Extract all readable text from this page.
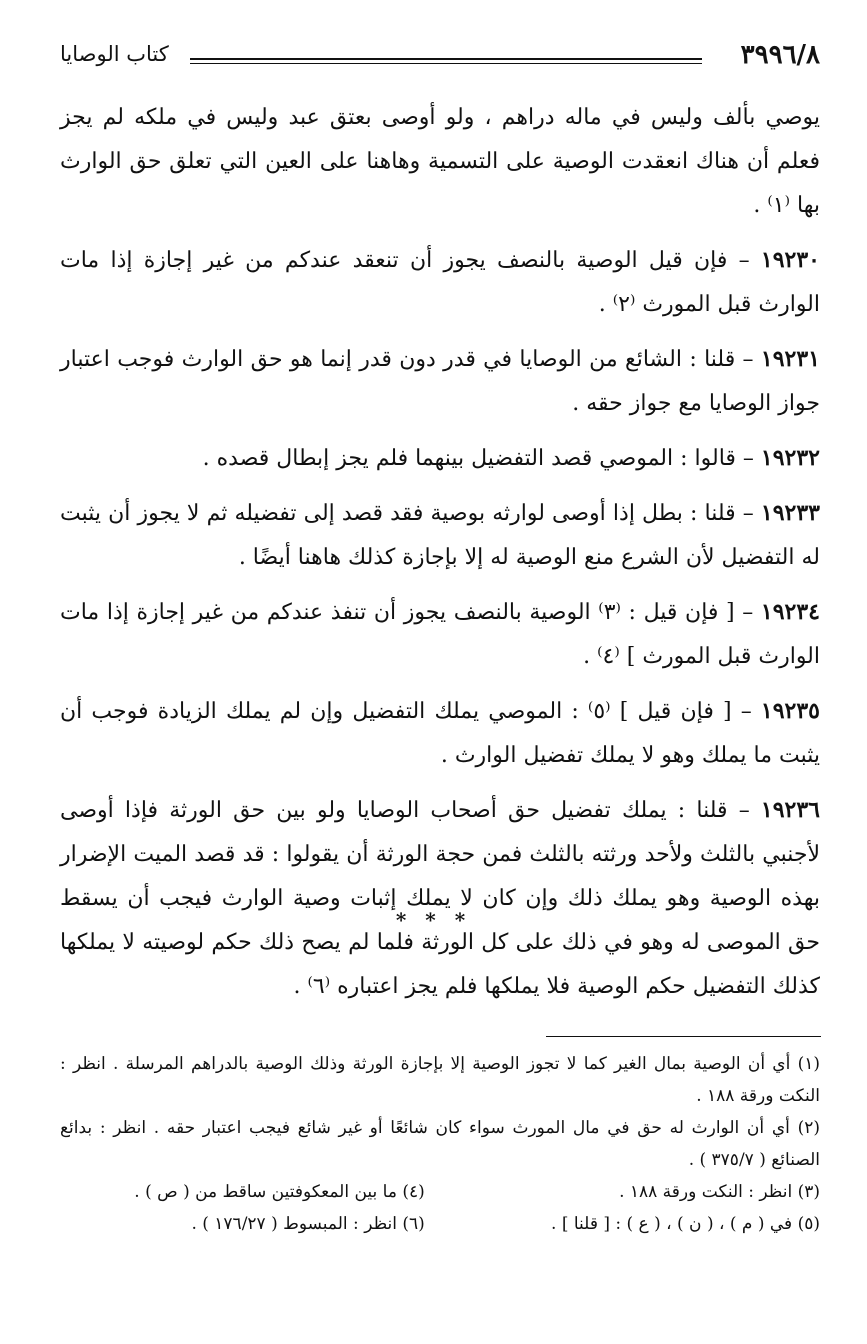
٣٩٩٦/٨
كتاب الوصايا

يوصي بألف وليس في ماله دراهم ، ولو أوصى بعتق عبد وليس في ملكه لم يجز فعلم أن هناك انعقدت الوصية على التسمية وهاهنا على العين التي تعلق حق الوارث بها ⁽١⁾ .

١٩٢٣٠ – فإن قيل الوصية بالنصف يجوز أن تنعقد عندكم من غير إجازة إذا مات الوارث قبل المورث ⁽٢⁾ .

١٩٢٣١ – قلنا : الشائع من الوصايا في قدر دون قدر إنما هو حق الوارث فوجب اعتبار جواز الوصايا مع جواز حقه .

١٩٢٣٢ – قالوا : الموصي قصد التفضيل بينهما فلم يجز إبطال قصده .

١٩٢٣٣ – قلنا : بطل إذا أوصى لوارثه بوصية فقد قصد إلى تفضيله ثم لا يجوز أن يثبت له التفضيل لأن الشرع منع الوصية له إلا بإجازة كذلك هاهنا أيضًا .

١٩٢٣٤ – [ فإن قيل : ⁽٣⁾ الوصية بالنصف يجوز أن تنفذ عندكم من غير إجازة إذا مات الوارث قبل المورث ] ⁽٤⁾ .

١٩٢٣٥ – [ فإن قيل ] ⁽٥⁾ : الموصي يملك التفضيل وإن لم يملك الزيادة فوجب أن يثبت ما يملك وهو لا يملك تفضيل الوارث .

١٩٢٣٦ – قلنا : يملك تفضيل حق أصحاب الوصايا ولو بين حق الورثة فإذا أوصى لأجنبي بالثلث ولأحد ورثته بالثلث فمن حجة الورثة أن يقولوا : قد قصد الميت الإضرار بهذه الوصية وهو يملك ذلك وإن كان لا يملك إثبات وصية الوارث فيجب أن يسقط حق الموصى له وهو في ذلك على كل الورثة فلما لم يصح ذلك حكم لوصيته لا يملكها كذلك التفضيل حكم الوصية فلا يملكها فلم يجز اعتباره ⁽٦⁾ .

* * *

(١) أي أن الوصية بمال الغير كما لا تجوز الوصية إلا بإجازة الورثة وذلك الوصية بالدراهم المرسلة . انظر : النكت ورقة ١٨٨ .

(٢) أي أن الوارث له حق في مال المورث سواء كان شائعًا أو غير شائع فيجب اعتبار حقه . انظر : بدائع الصنائع ( ٣٧٥/٧ ) .

(٣) انظر : النكت ورقة ١٨٨ .
(٤) ما بين المعكوفتين ساقط من ( ص ) .
(٥) في ( م ) ، ( ن ) ، ( ع ) : [ قلنا ] .
(٦) انظر : المبسوط ( ١٧٦/٢٧ ) .
